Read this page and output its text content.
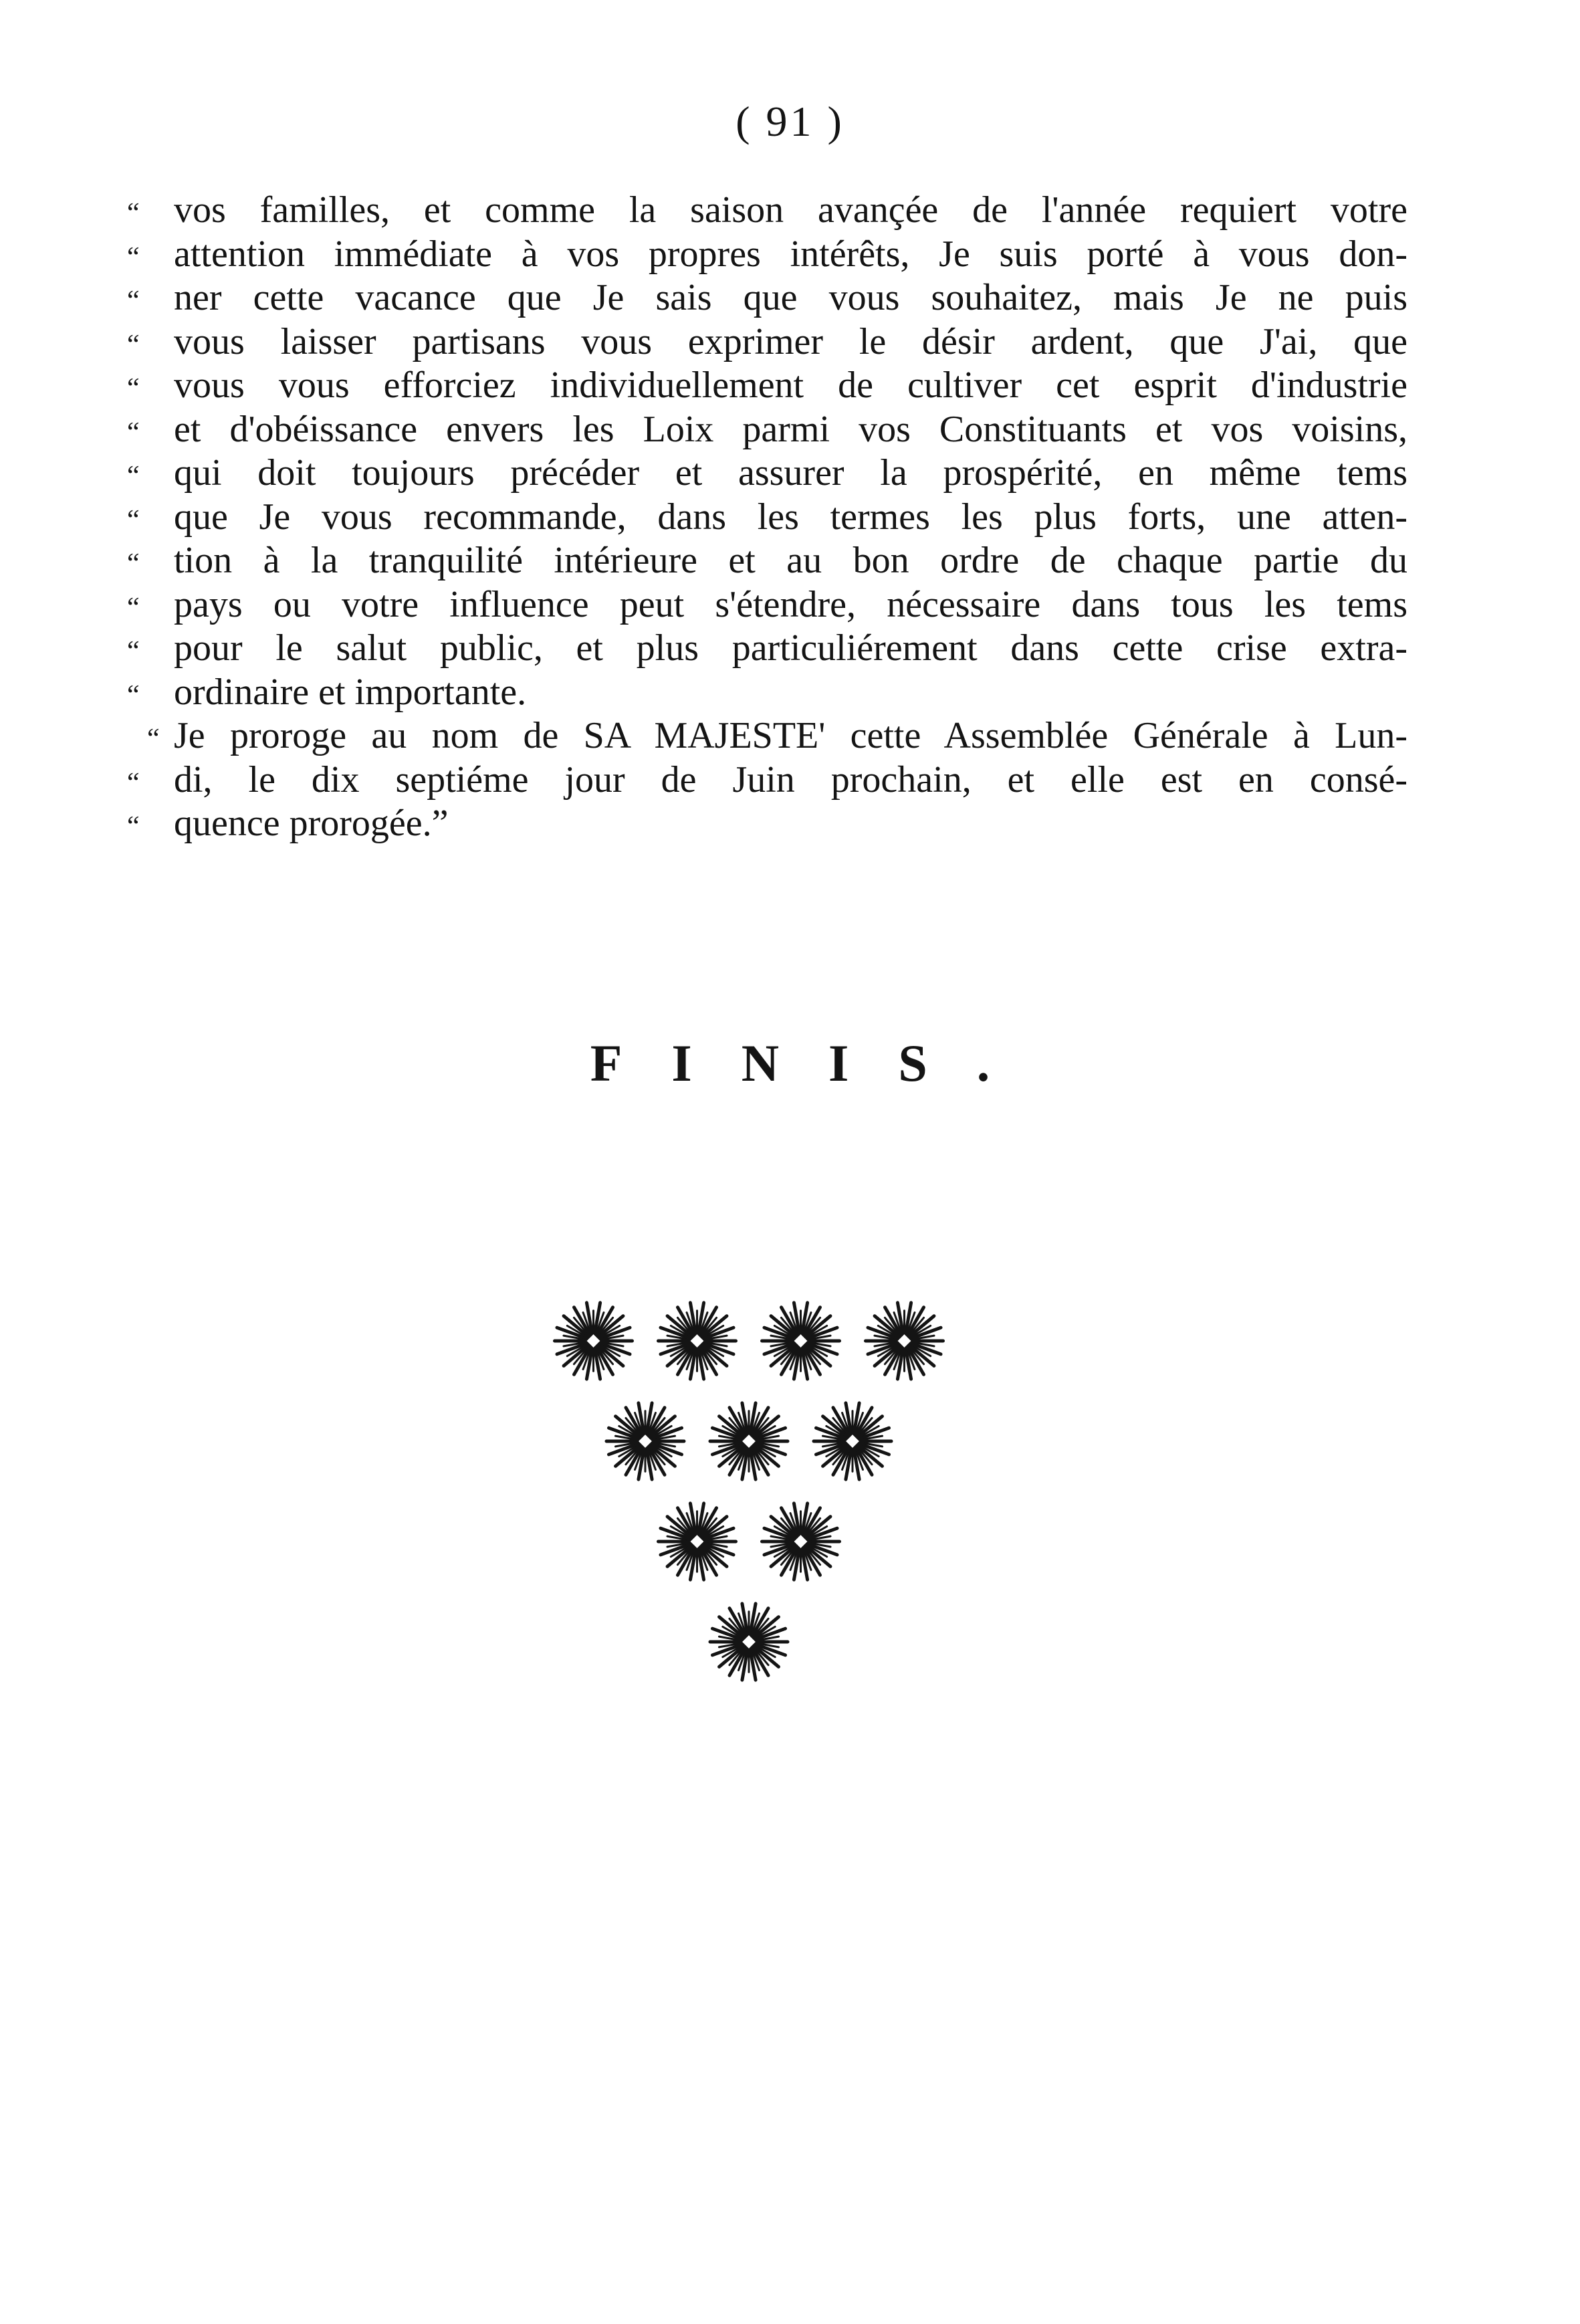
( 91 )
“ vos familles, et comme la saison avançée de l'année requiert votre
“ attention immédiate à vos propres intérêts, Je suis porté à vous don-
“ ner cette vacance que Je sais que vous souhaitez, mais Je ne puis
“ vous laisser partisans vous exprimer le désir ardent, que J'ai, que
“ vous vous efforciez individuellement de cultiver cet esprit d'industrie
“ et d'obéissance envers les Loix parmi vos Constituants et vos voisins,
“ qui doit toujours précéder et assurer la prospérité, en même tems
“ que Je vous recommande, dans les termes les plus forts, une atten-
“ tion à la tranquilité intérieure et au bon ordre de chaque partie du
“ pays ou votre influence peut s'étendre, nécessaire dans tous les tems
“ pour le salut public, et plus particuliérement dans cette crise extra-
“ ordinaire et importante.
“ Je proroge au nom de SA MAJESTE' cette Assemblée Générale à Lun-
“ di, le dix septiéme jour de Juin prochain, et elle est en consé-
“ quence prorogée.”
FINIS.
